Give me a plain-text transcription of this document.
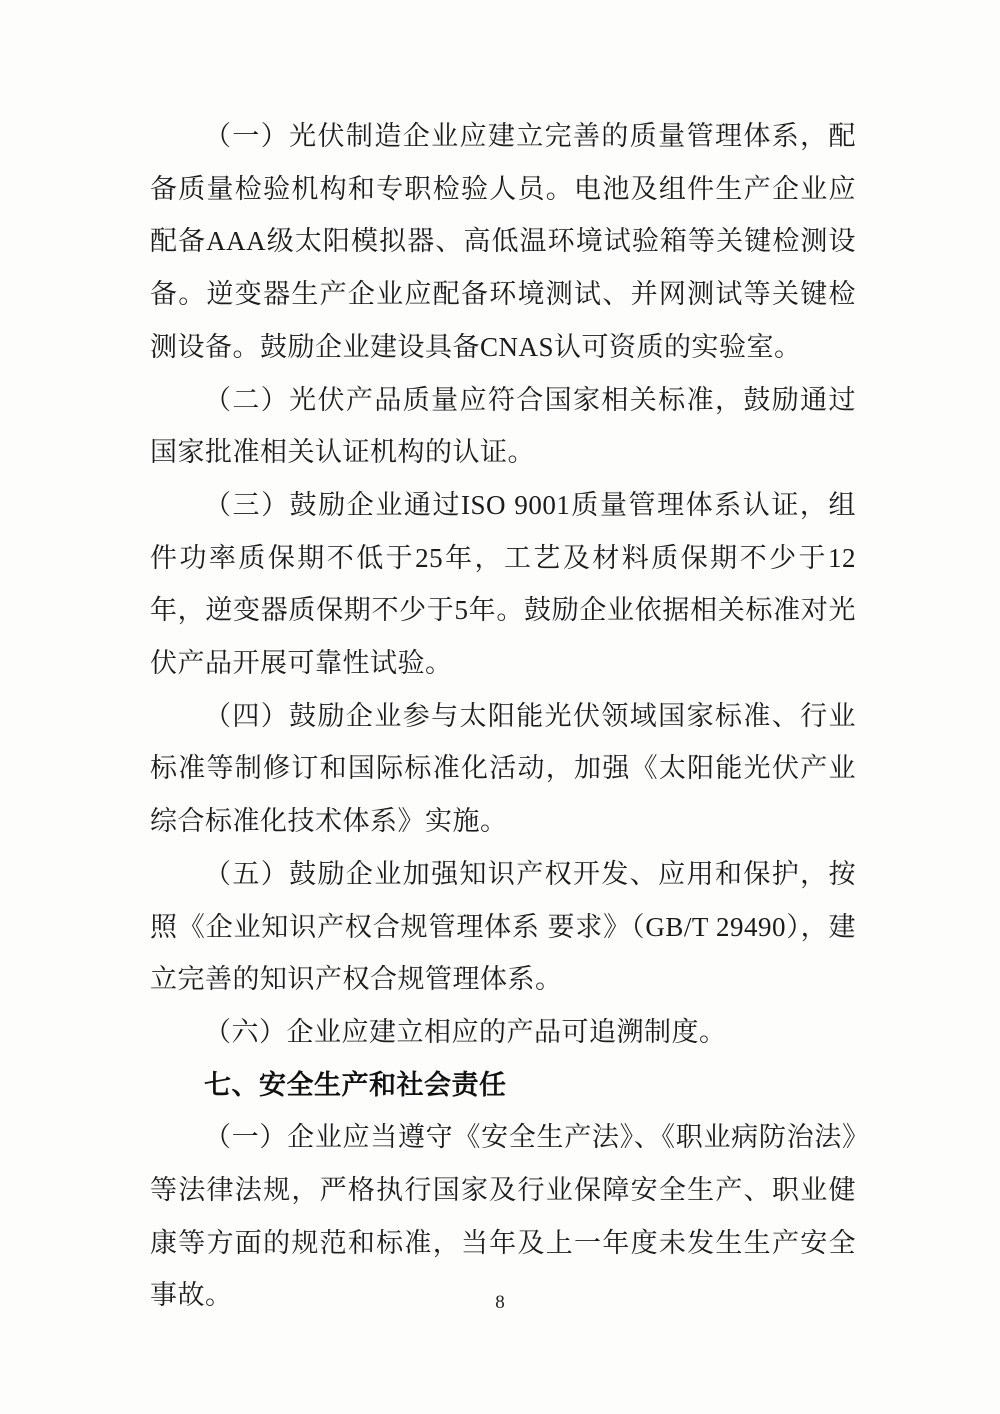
（一）光伏制造企业应建立完善的质量管理体系，配备质量检验机构和专职检验人员。电池及组件生产企业应配备AAA级太阳模拟器、高低温环境试验箱等关键检测设备。逆变器生产企业应配备环境测试、并网测试等关键检测设备。鼓励企业建设具备CNAS认可资质的实验室。

（二）光伏产品质量应符合国家相关标准，鼓励通过国家批准相关认证机构的认证。

（三）鼓励企业通过ISO 9001质量管理体系认证，组件功率质保期不低于25年，工艺及材料质保期不少于12年，逆变器质保期不少于5年。鼓励企业依据相关标准对光伏产品开展可靠性试验。

（四）鼓励企业参与太阳能光伏领域国家标准、行业标准等制修订和国际标准化活动，加强《太阳能光伏产业综合标准化技术体系》实施。

（五）鼓励企业加强知识产权开发、应用和保护，按照《企业知识产权合规管理体系 要求》（GB/T 29490），建立完善的知识产权合规管理体系。

（六）企业应建立相应的产品可追溯制度。

七、安全生产和社会责任

（一）企业应当遵守《安全生产法》、《职业病防治法》等法律法规，严格执行国家及行业保障安全生产、职业健康等方面的规范和标准，当年及上一年度未发生生产安全事故。	8
